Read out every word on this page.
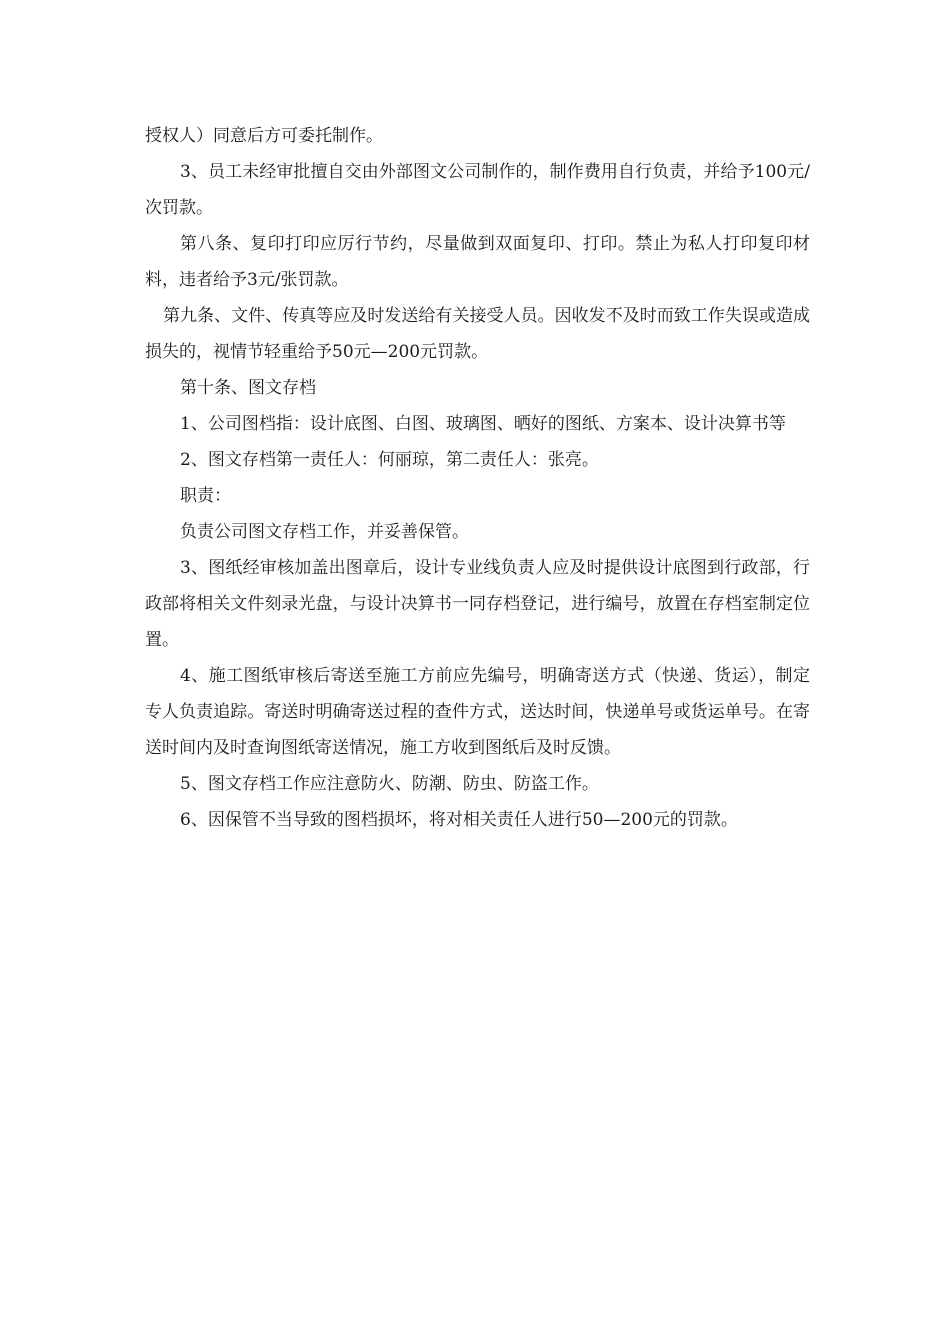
授权人）同意后方可委托制作。

3、员工未经审批擅自交由外部图文公司制作的，制作费用自行负责，并给予100元/次罚款。

第八条、复印打印应厉行节约，尽量做到双面复印、打印。禁止为私人打印复印材料，违者给予3元/张罚款。

第九条、文件、传真等应及时发送给有关接受人员。因收发不及时而致工作失误或造成损失的，视情节轻重给予50元—200元罚款。

第十条、图文存档

1、公司图档指：设计底图、白图、玻璃图、晒好的图纸、方案本、设计决算书等

2、图文存档第一责任人：何丽琼，第二责任人：张亮。

职责：

负责公司图文存档工作，并妥善保管。

3、图纸经审核加盖出图章后，设计专业线负责人应及时提供设计底图到行政部，行政部将相关文件刻录光盘，与设计决算书一同存档登记，进行编号，放置在存档室制定位置。

4、施工图纸审核后寄送至施工方前应先编号，明确寄送方式（快递、货运），制定专人负责追踪。寄送时明确寄送过程的查件方式，送达时间，快递单号或货运单号。在寄送时间内及时查询图纸寄送情况，施工方收到图纸后及时反馈。

5、图文存档工作应注意防火、防潮、防虫、防盗工作。

6、因保管不当导致的图档损坏，将对相关责任人进行50—200元的罚款。
